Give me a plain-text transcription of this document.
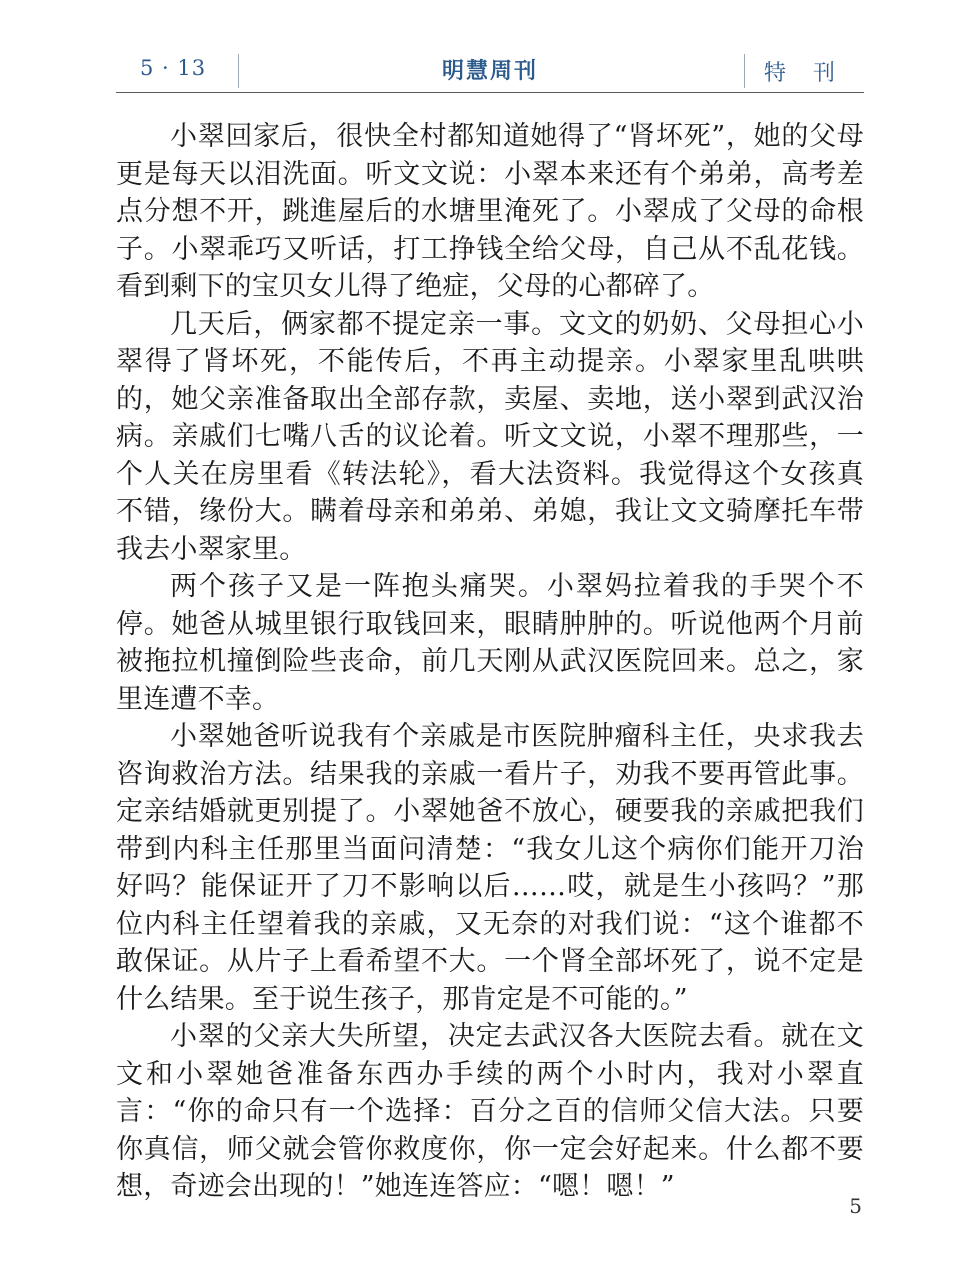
5 · 13	明慧周刊	特 刊

小翠回家后，很快全村都知道她得了“肾坏死”，她的父母更是每天以泪洗面。听文文说：小翠本来还有个弟弟，高考差点分想不开，跳進屋后的水塘里淹死了。小翠成了父母的命根子。小翠乖巧又听话，打工挣钱全给父母，自己从不乱花钱。看到剩下的宝贝女儿得了绝症，父母的心都碎了。

几天后，俩家都不提定亲一事。文文的奶奶、父母担心小翠得了肾坏死，不能传后，不再主动提亲。小翠家里乱哄哄的，她父亲准备取出全部存款，卖屋、卖地，送小翠到武汉治病。亲戚们七嘴八舌的议论着。听文文说，小翠不理那些，一个人关在房里看《转法轮》，看大法资料。我觉得这个女孩真不错，缘份大。瞒着母亲和弟弟、弟媳，我让文文骑摩托车带我去小翠家里。

两个孩子又是一阵抱头痛哭。小翠妈拉着我的手哭个不停。她爸从城里银行取钱回来，眼睛肿肿的。听说他两个月前被拖拉机撞倒险些丧命，前几天刚从武汉医院回来。总之，家里连遭不幸。

小翠她爸听说我有个亲戚是市医院肿瘤科主任，央求我去咨询救治方法。结果我的亲戚一看片子，劝我不要再管此事。定亲结婚就更别提了。小翠她爸不放心，硬要我的亲戚把我们带到内科主任那里当面问清楚：“我女儿这个病你们能开刀治好吗？能保证开了刀不影响以后……哎，就是生小孩吗？”那位内科主任望着我的亲戚，又无奈的对我们说：“这个谁都不敢保证。从片子上看希望不大。一个肾全部坏死了，说不定是什么结果。至于说生孩子，那肯定是不可能的。”

小翠的父亲大失所望，决定去武汉各大医院去看。就在文文和小翠她爸准备东西办手续的两个小时内，我对小翠直言：“你的命只有一个选择：百分之百的信师父信大法。只要你真信，师父就会管你救度你，你一定会好起来。什么都不要想，奇迹会出现的！”她连连答应：“嗯！嗯！”

5
